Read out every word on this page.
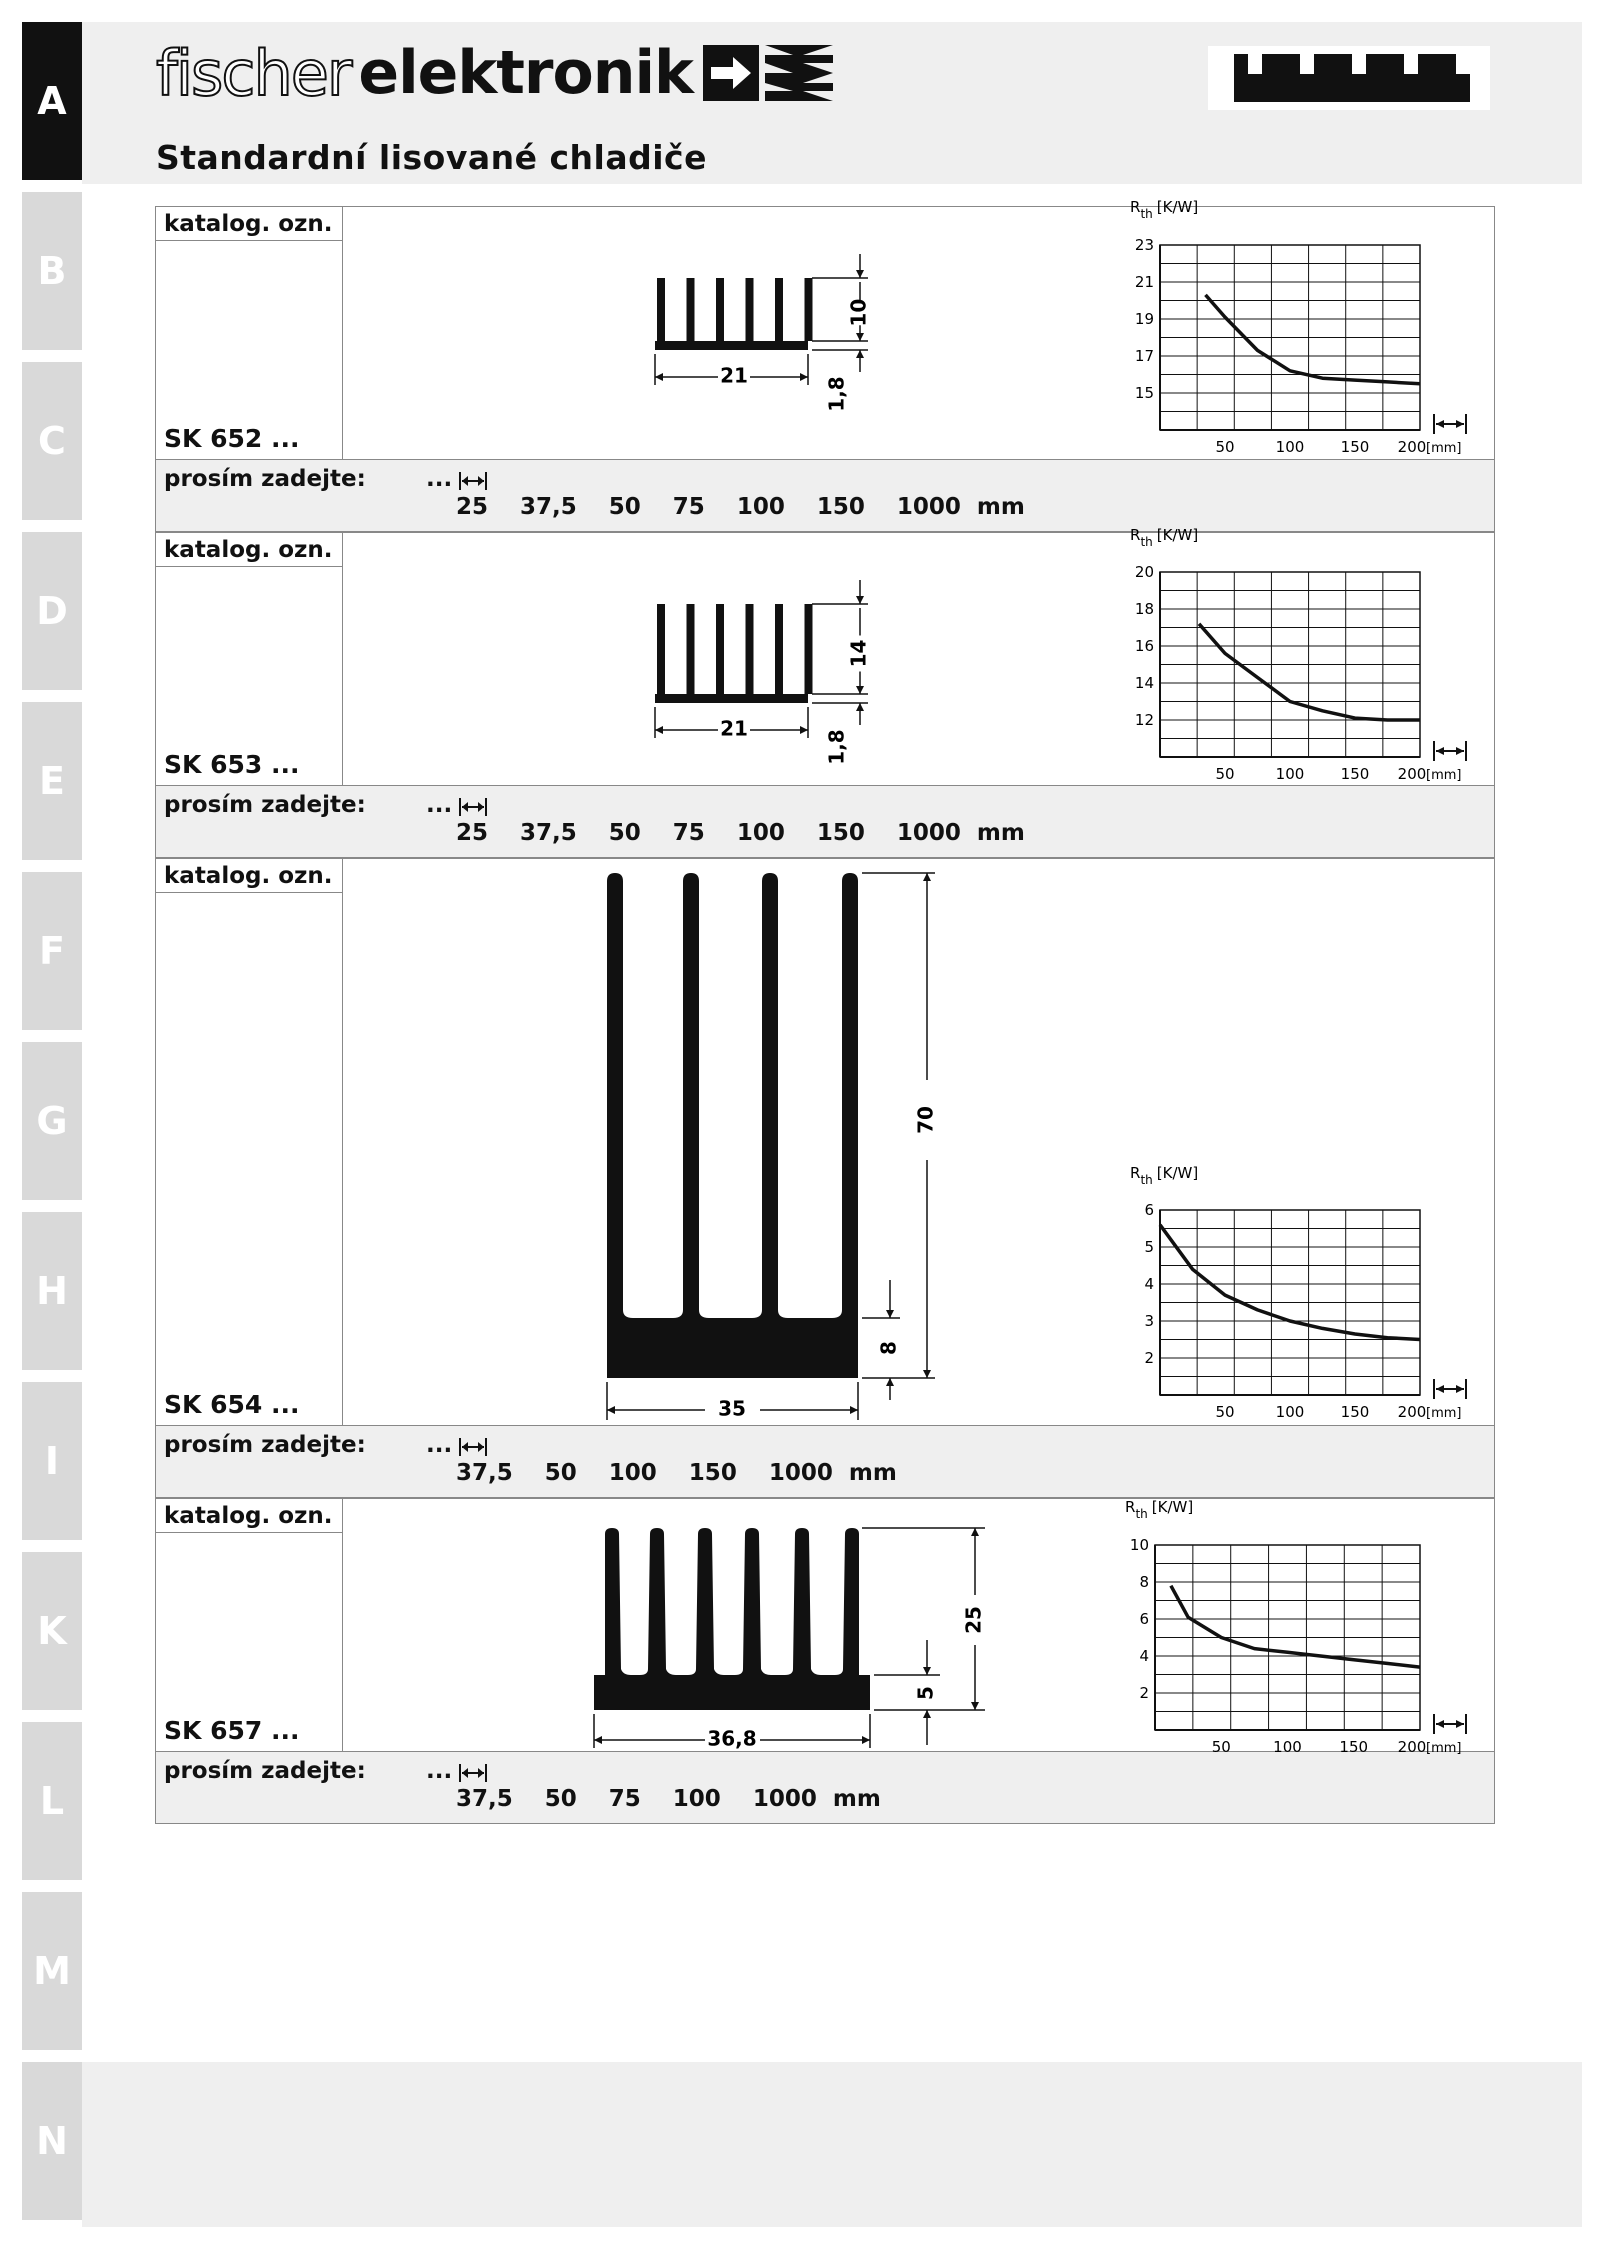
A
B
C
D
E
F
G
H
I
K
L
M
N
fischer elektronik
Standardní lisované chladiče
katalog. ozn.
SK 652 ...
prosím zadejte:	...
25  37,5  50  75  100  150  1000 mm
katalog. ozn.
SK 653 ...
prosím zadejte:	...
25  37,5  50  75  100  150  1000 mm
katalog. ozn.
SK 654 ...
prosím zadejte:	...
37,5  50  100  150  1000 mm
katalog. ozn.
SK 657 ...
prosím zadejte:	...
37,5  50  75  100  1000 mm
21
10
1,8
21
14
1,8
35
70
8
36,8
25
5
$R_{th}$ [K/W]
15
17
19
21
23
50	100 150 200 [mm]
$R_{th}$ [K/W]
12
14
16
18
20
50	100 150 200 [mm]
$R_{th}$ [K/W]
2
3
4
5
6
50	100 150 200 [mm]
$R_{th}$ [K/W]
2
4
6
8
10
50	100	150 200 [mm]
